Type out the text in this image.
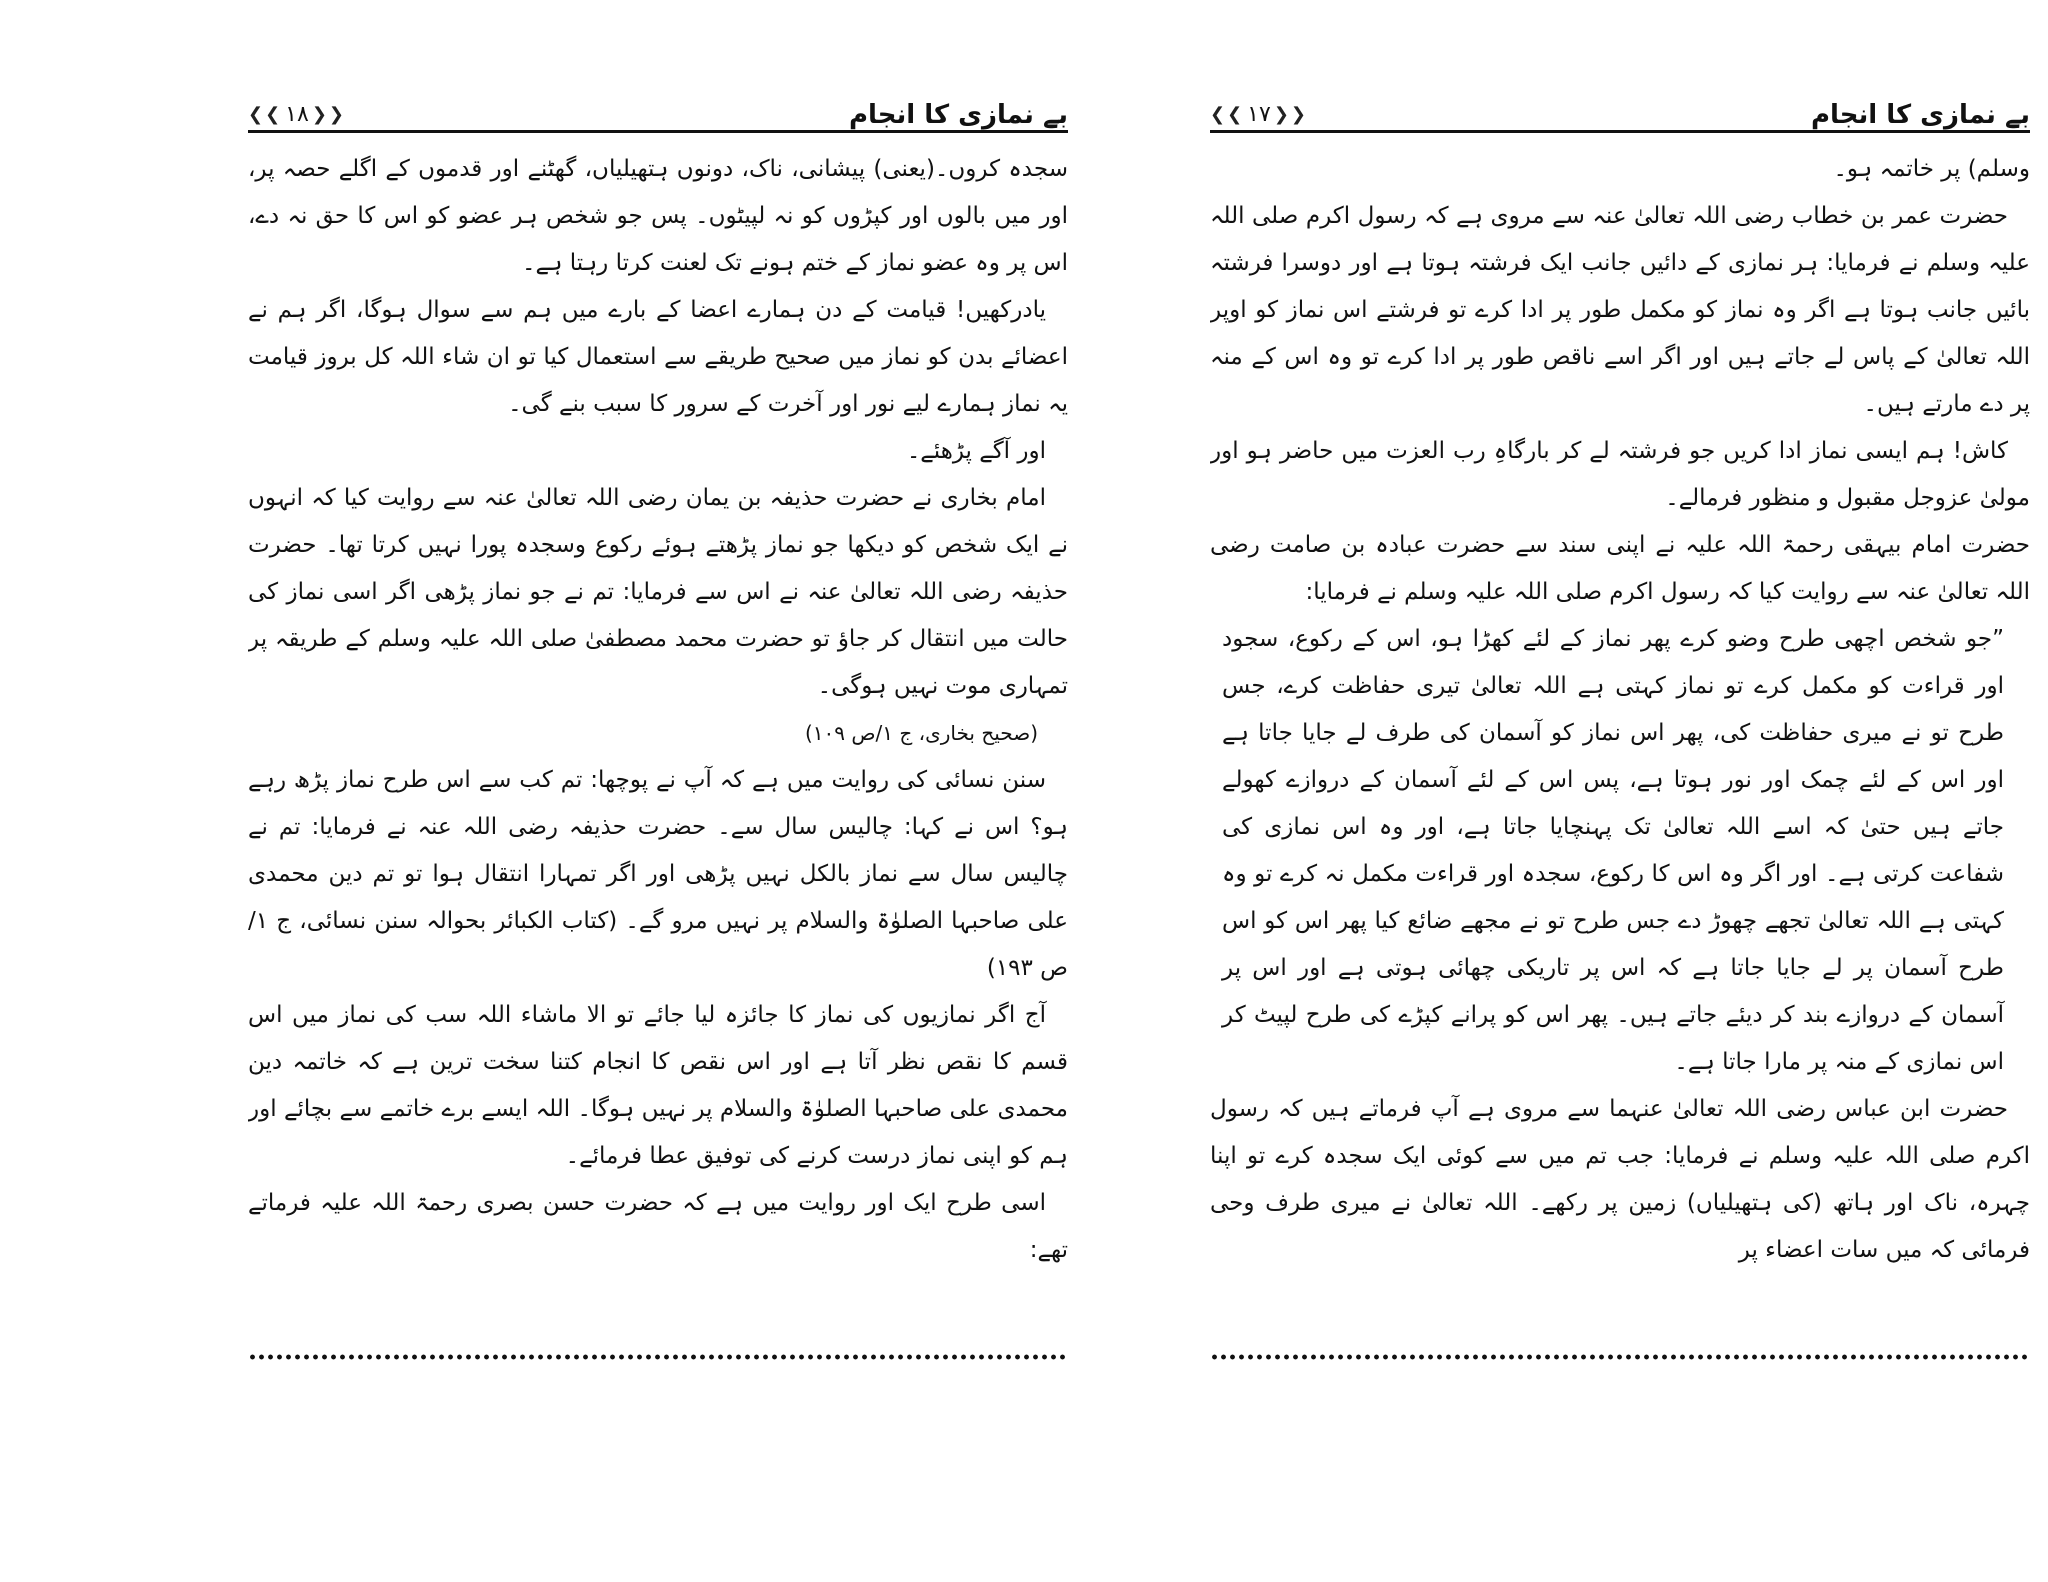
❮❮ ۱۸ ❯❯	بے نمازی کا انجام

سجدہ کروں۔(یعنی) پیشانی، ناک، دونوں ہتھیلیاں، گھٹنے اور قدموں کے اگلے حصہ پر، اور میں بالوں اور کپڑوں کو نہ لپیٹوں۔ پس جو شخص ہر عضو کو اس کا حق نہ دے، اس پر وہ عضو نماز کے ختم ہونے تک لعنت کرتا رہتا ہے۔

یادرکھیں! قیامت کے دن ہمارے اعضا کے بارے میں ہم سے سوال ہوگا، اگر ہم نے اعضائے بدن کو نماز میں صحیح طریقے سے استعمال کیا تو ان شاء اللہ کل بروز قیامت یہ نماز ہمارے لیے نور اور آخرت کے سرور کا سبب بنے گی۔

اور آگے پڑھئے۔

امام بخاری نے حضرت حذیفہ بن یمان رضی اللہ تعالیٰ عنہ سے روایت کیا کہ انہوں نے ایک شخص کو دیکھا جو نماز پڑھتے ہوئے رکوع وسجدہ پورا نہیں کرتا تھا۔ حضرت حذیفہ رضی اللہ تعالیٰ عنہ نے اس سے فرمایا: تم نے جو نماز پڑھی اگر اسی نماز کی حالت میں انتقال کر جاؤ تو حضرت محمد مصطفیٰ صلی اللہ علیہ وسلم کے طریقہ پر تمہاری موت نہیں ہوگی۔

(صحیح بخاری، ج ۱/ص ۱۰۹)

سنن نسائی کی روایت میں ہے کہ آپ نے پوچھا: تم کب سے اس طرح نماز پڑھ رہے ہو؟ اس نے کہا: چالیس سال سے۔ حضرت حذیفہ رضی اللہ عنہ نے فرمایا: تم نے چالیس سال سے نماز بالکل نہیں پڑھی اور اگر تمہارا انتقال ہوا تو تم دین محمدی علی صاحبہا الصلوٰۃ والسلام پر نہیں مرو گے۔ (کتاب الکبائر بحوالہ سنن نسائی، ج ۱/ص ۱۹۳)

آج اگر نمازیوں کی نماز کا جائزہ لیا جائے تو الا ماشاء اللہ سب کی نماز میں اس قسم کا نقص نظر آتا ہے اور اس نقص کا انجام کتنا سخت ترین ہے کہ خاتمہ دین محمدی علی صاحبہا الصلوٰۃ والسلام پر نہیں ہوگا۔ اللہ ایسے برے خاتمے سے بچائے اور ہم کو اپنی نماز درست کرنے کی توفیق عطا فرمائے۔

اسی طرح ایک اور روایت میں ہے کہ حضرت حسن بصری رحمۃ اللہ علیہ فرماتے تھے:

❮❮ ۱۷ ❯❯	بے نمازی کا انجام

وسلم) پر خاتمہ ہو۔

حضرت عمر بن خطاب رضی اللہ تعالیٰ عنہ سے مروی ہے کہ رسول اکرم صلی اللہ علیہ وسلم نے فرمایا: ہر نمازی کے دائیں جانب ایک فرشتہ ہوتا ہے اور دوسرا فرشتہ بائیں جانب ہوتا ہے اگر وہ نماز کو مکمل طور پر ادا کرے تو فرشتے اس نماز کو اوپر اللہ تعالیٰ کے پاس لے جاتے ہیں اور اگر اسے ناقص طور پر ادا کرے تو وہ اس کے منہ پر دے مارتے ہیں۔

کاش! ہم ایسی نماز ادا کریں جو فرشتہ لے کر بارگاہِ رب العزت میں حاضر ہو اور مولیٰ عزوجل مقبول و منظور فرمالے۔

حضرت امام بیہقی رحمۃ اللہ علیہ نے اپنی سند سے حضرت عبادہ بن صامت رضی اللہ تعالیٰ عنہ سے روایت کیا کہ رسول اکرم صلی اللہ علیہ وسلم نے فرمایا:

”جو شخص اچھی طرح وضو کرے پھر نماز کے لئے کھڑا ہو، اس کے رکوع، سجود اور قراءت کو مکمل کرے تو نماز کہتی ہے اللہ تعالیٰ تیری حفاظت کرے، جس طرح تو نے میری حفاظت کی، پھر اس نماز کو آسمان کی طرف لے جایا جاتا ہے اور اس کے لئے چمک اور نور ہوتا ہے، پس اس کے لئے آسمان کے دروازے کھولے جاتے ہیں حتیٰ کہ اسے اللہ تعالیٰ تک پہنچایا جاتا ہے، اور وہ اس نمازی کی شفاعت کرتی ہے۔ اور اگر وہ اس کا رکوع، سجدہ اور قراءت مکمل نہ کرے تو وہ کہتی ہے اللہ تعالیٰ تجھے چھوڑ دے جس طرح تو نے مجھے ضائع کیا پھر اس کو اس طرح آسمان پر لے جایا جاتا ہے کہ اس پر تاریکی چھائی ہوتی ہے اور اس پر آسمان کے دروازے بند کر دیئے جاتے ہیں۔ پھر اس کو پرانے کپڑے کی طرح لپیٹ کر اس نمازی کے منہ پر مارا جاتا ہے۔

حضرت ابن عباس رضی اللہ تعالیٰ عنہما سے مروی ہے آپ فرماتے ہیں کہ رسول اکرم صلی اللہ علیہ وسلم نے فرمایا: جب تم میں سے کوئی ایک سجدہ کرے تو اپنا چہرہ، ناک اور ہاتھ (کی ہتھیلیاں) زمین پر رکھے۔ اللہ تعالیٰ نے میری طرف وحی فرمائی کہ میں سات اعضاء پر
